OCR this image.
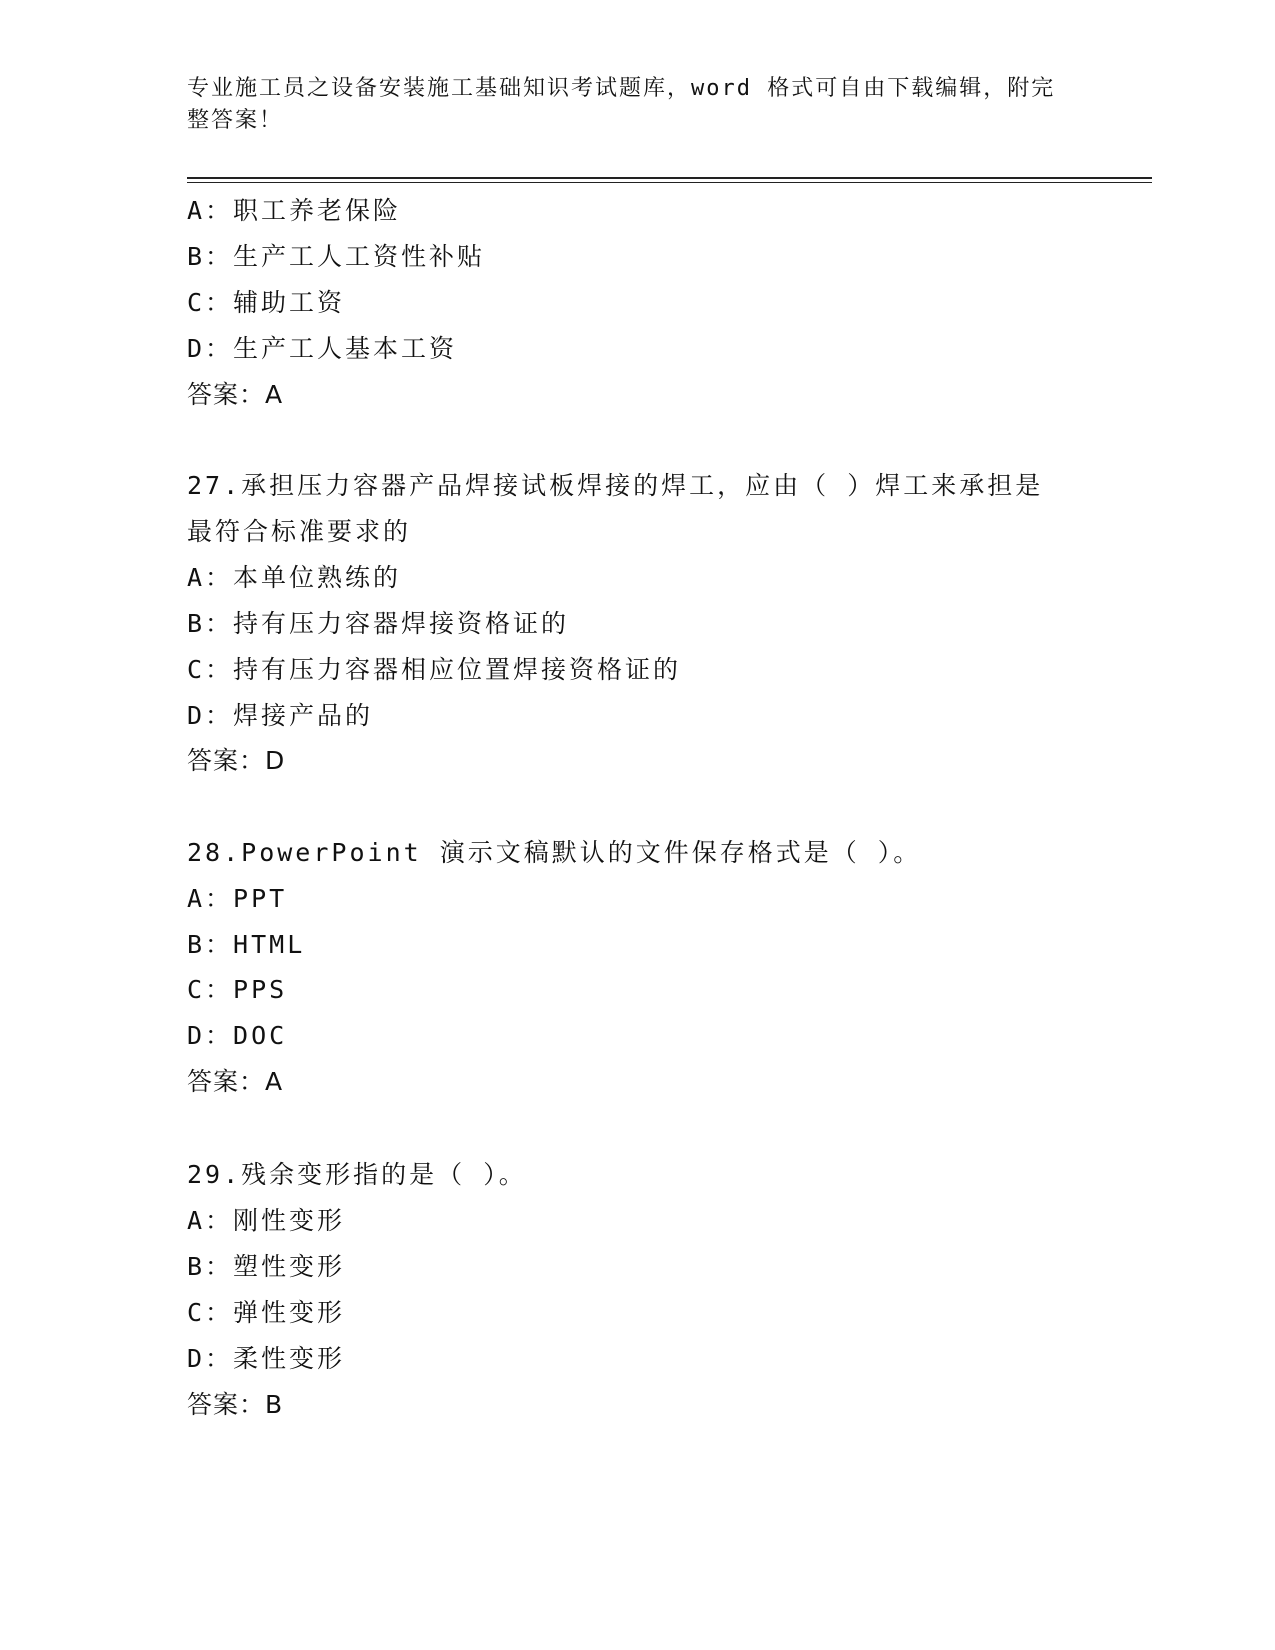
专业施工员之设备安装施工基础知识考试题库，word 格式可自由下载编辑，附完
整答案！
A：职工养老保险
B：生产工人工资性补贴
C：辅助工资
D：生产工人基本工资
答案：A
27.承担压力容器产品焊接试板焊接的焊工，应由（ ）焊工来承担是
最符合标准要求的
A：本单位熟练的
B：持有压力容器焊接资格证的
C：持有压力容器相应位置焊接资格证的
D：焊接产品的
答案：D
28.PowerPoint 演示文稿默认的文件保存格式是（ ）。
A：PPT
B：HTML
C：PPS
D：DOC
答案：A
29.残余变形指的是（ ）。
A：刚性变形
B：塑性变形
C：弹性变形
D：柔性变形
答案：B
